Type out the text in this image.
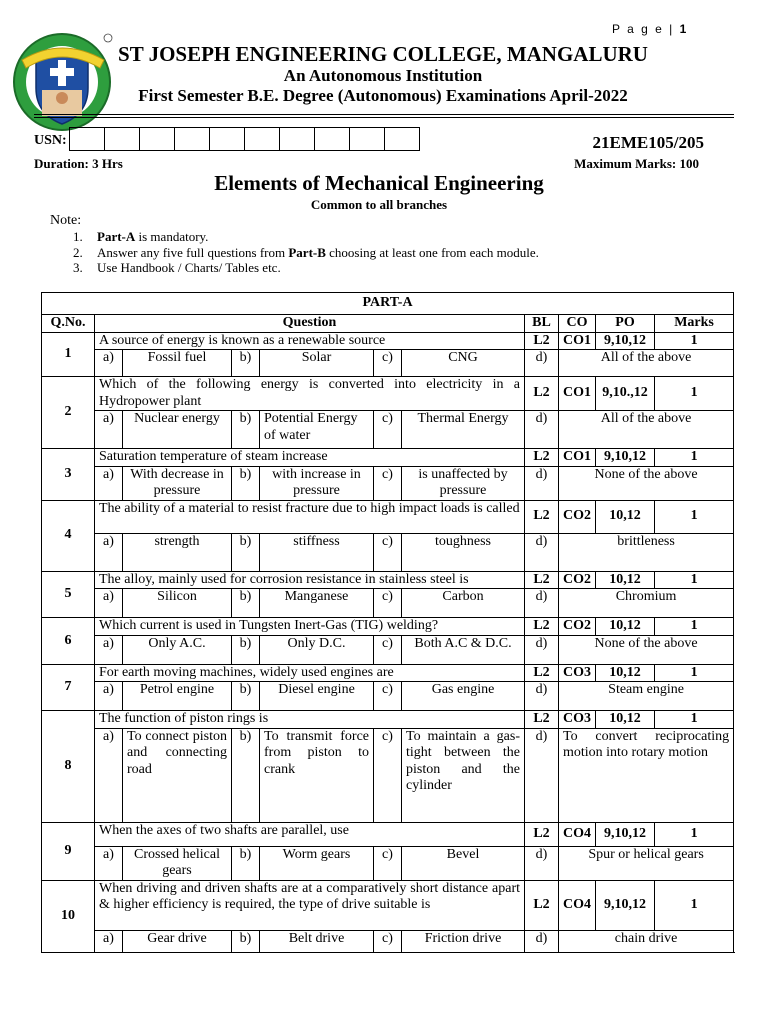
P a g e | 1
ST JOSEPH ENGINEERING COLLEGE, MANGALURU
An Autonomous Institution
First Semester B.E. Degree (Autonomous) Examinations April-2022
USN:	21EME105/205
Duration: 3 Hrs	Maximum Marks: 100
Elements of Mechanical Engineering
Common to all branches
Note:
1. Part-A is mandatory.
2. Answer any five full questions from Part-B choosing at least one from each module.
3. Use Handbook / Charts/ Tables etc.
PART-A										
Q.No.	Question						BL	CO	PO	Marks
1	A source of energy is known as a renewable source						L2	CO1	9,10,12	1
	a)	Fossil fuel	b)	Solar	c)	CNG	d)	All of the above		
2	Which of the following energy is converted into electricity in a Hydropower plant						L2	CO1	9,10.,12	1
	a)	Nuclear energy	b)	Potential Energy of water	c)	Thermal Energy	d)	All of the above		
3	Saturation temperature of steam increase						L2	CO1	9,10,12	1
	a)	With decrease in pressure	b)	with increase in pressure	c)	is unaffected by pressure	d)	None of the above		
4	The ability of a material to resist fracture due to high impact loads is called						L2	CO2	10,12	1
	a)	strength	b)	stiffness	c)	toughness	d)	brittleness		
5	The alloy, mainly used for corrosion resistance in stainless steel is						L2	CO2	10,12	1
	a)	Silicon	b)	Manganese	c)	Carbon	d)	Chromium		
6	Which current is used in Tungsten Inert-Gas (TIG) welding?						L2	CO2	10,12	1
	a)	Only A.C.	b)	Only D.C.	c)	Both A.C & D.C.	d)	None of the above		
7	For earth moving machines, widely used engines are						L2	CO3	10,12	1
	a)	Petrol engine	b)	Diesel engine	c)	Gas engine	d)	Steam engine		
8	The function of piston rings is						L2	CO3	10,12	1
	a)	To connect piston and connecting road	b)	To transmit force from piston to crank	c)	To maintain a gas-tight between the piston and the cylinder	d)	To convert reciprocating motion into rotary motion		
9	When the axes of two shafts are parallel, use						L2	CO4	9,10,12	1
	a)	Crossed helical gears	b)	Worm gears	c)	Bevel	d)	Spur or helical gears		
10	When driving and driven shafts are at a comparatively short distance apart & higher efficiency is required, the type of drive suitable is						L2	CO4	9,10,12	1
	a)	Gear drive	b)	Belt drive	c)	Friction drive	d)	chain drive		
